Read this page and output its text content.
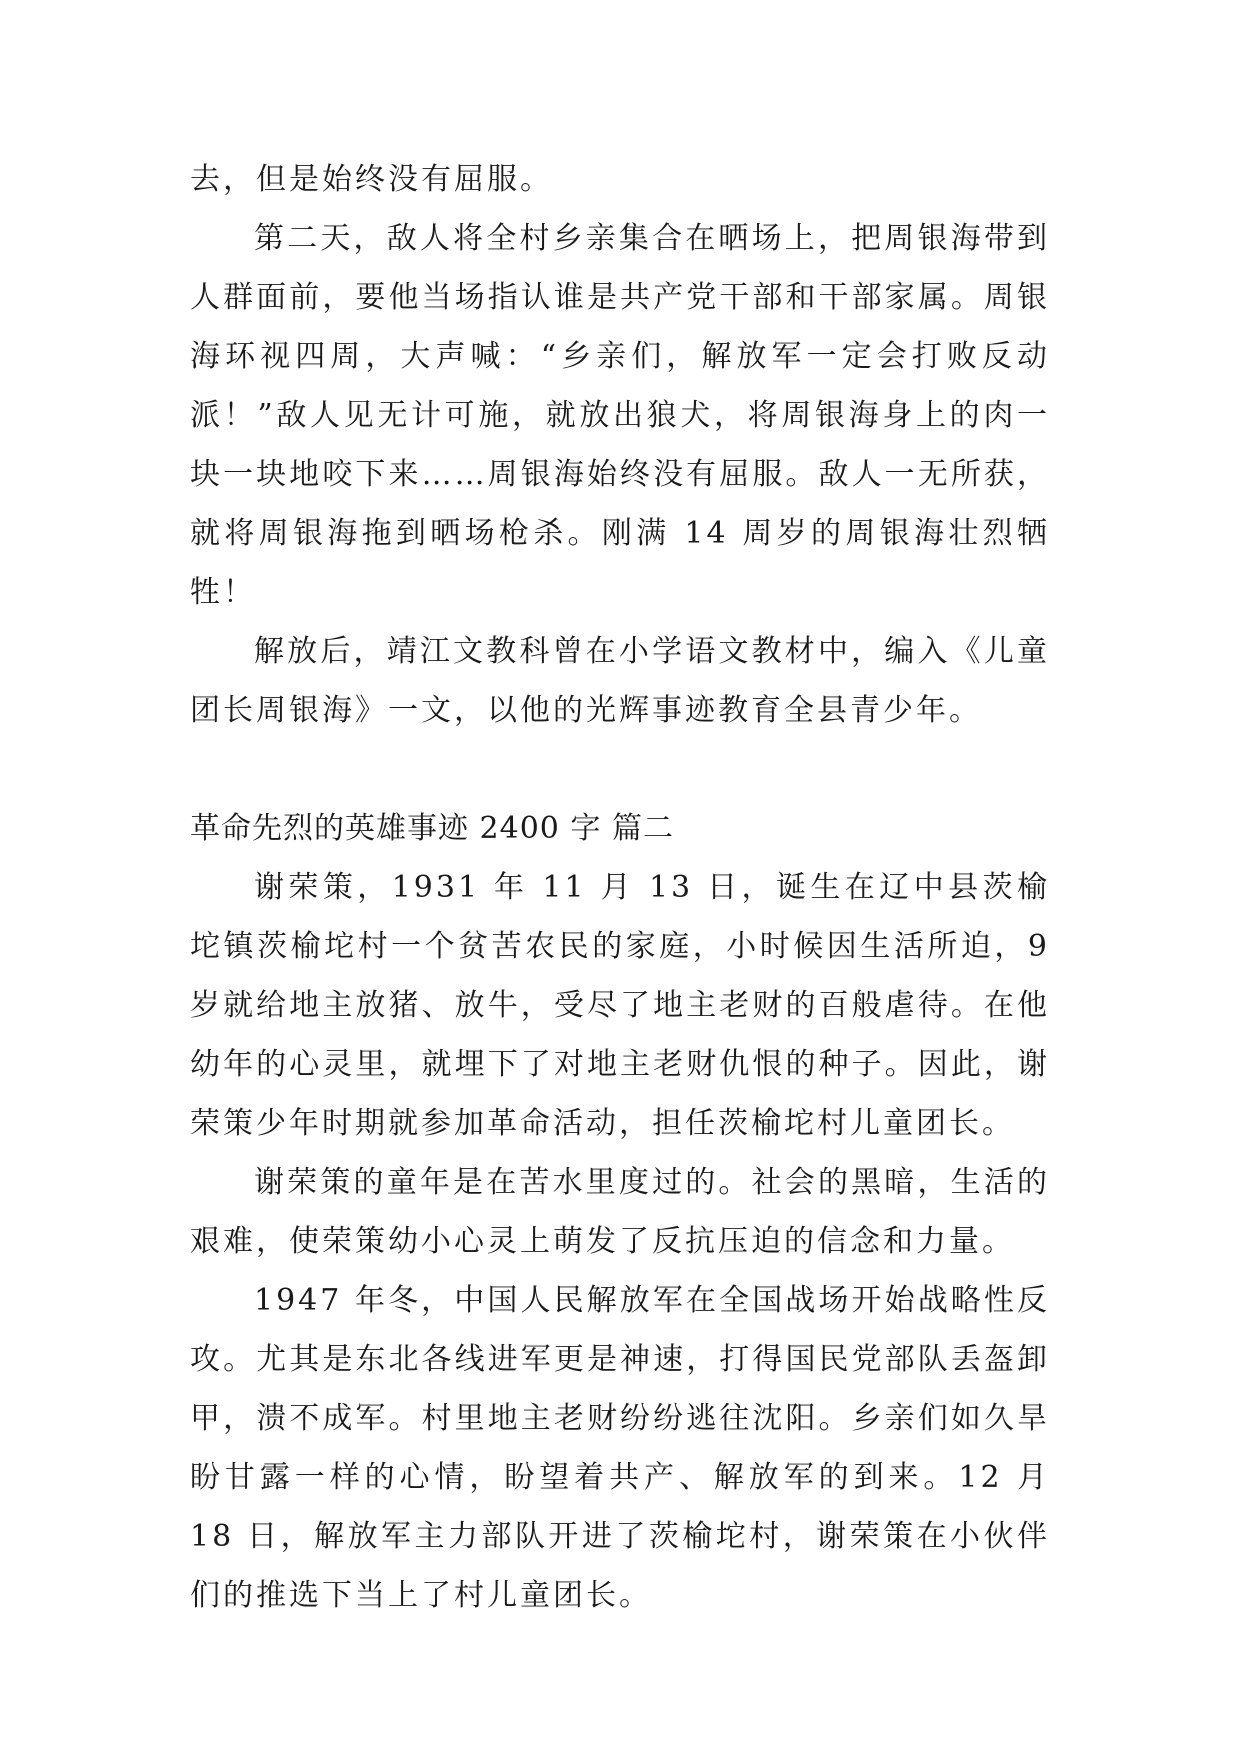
去，但是始终没有屈服。

第二天，敌人将全村乡亲集合在晒场上，把周银海带到人群面前，要他当场指认谁是共产党干部和干部家属。周银海环视四周，大声喊：“乡亲们，解放军一定会打败反动派！”敌人见无计可施，就放出狼犬，将周银海身上的肉一块一块地咬下来……周银海始终没有屈服。敌人一无所获，就将周银海拖到晒场枪杀。刚满 14 周岁的周银海壮烈牺牲！

解放后，靖江文教科曾在小学语文教材中，编入《儿童团长周银海》一文，以他的光辉事迹教育全县青少年。

革命先烈的英雄事迹 2400 字 篇二

谢荣策，1931 年 11 月 13 日，诞生在辽中县茨榆坨镇茨榆坨村一个贫苦农民的家庭，小时候因生活所迫，9 岁就给地主放猪、放牛，受尽了地主老财的百般虐待。在他幼年的心灵里，就埋下了对地主老财仇恨的种子。因此，谢荣策少年时期就参加革命活动，担任茨榆坨村儿童团长。

谢荣策的童年是在苦水里度过的。社会的黑暗，生活的艰难，使荣策幼小心灵上萌发了反抗压迫的信念和力量。

1947 年冬，中国人民解放军在全国战场开始战略性反攻。尤其是东北各线进军更是神速，打得国民党部队丢盔卸甲，溃不成军。村里地主老财纷纷逃往沈阳。乡亲们如久旱盼甘露一样的心情，盼望着共产、解放军的到来。12 月 18 日，解放军主力部队开进了茨榆坨村，谢荣策在小伙伴们的推选下当上了村儿童团长。
